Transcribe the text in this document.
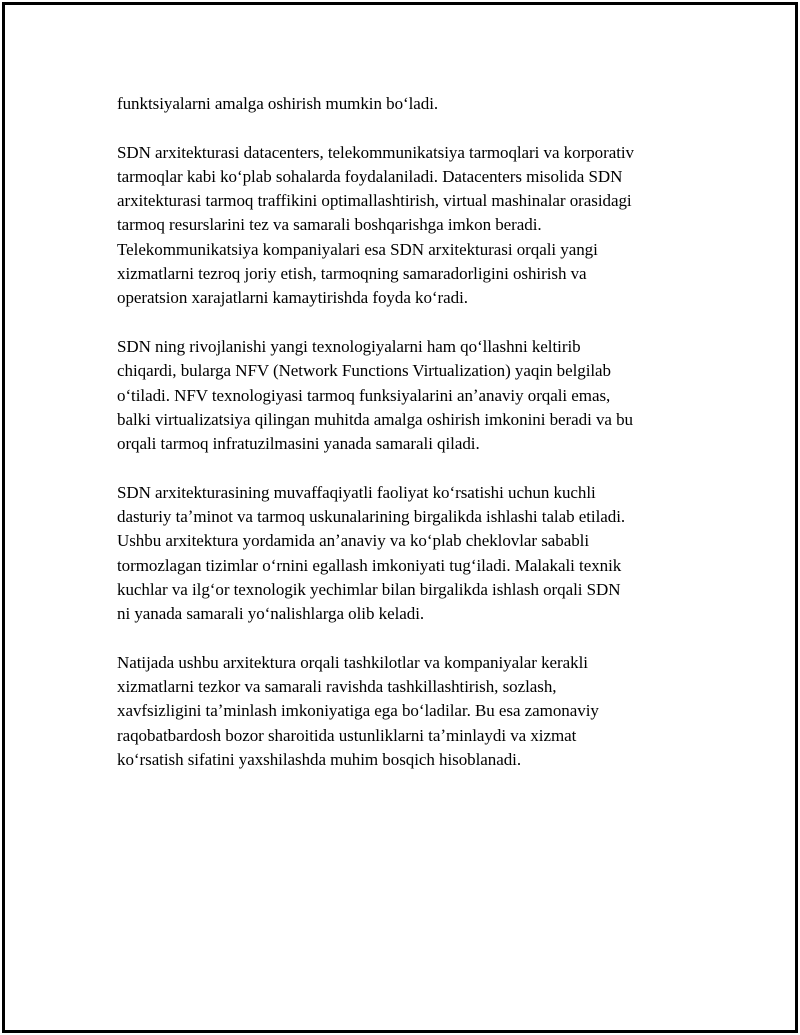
funktsiyalarni amalga oshirish mumkin boʻladi.

SDN arxitekturasi datacenters, telekommunikatsiya tarmoqlari va korporativ
tarmoqlar kabi koʻplab sohalarda foydalaniladi. Datacenters misolida SDN
arxitekturasi tarmoq traffikini optimallashtirish, virtual mashinalar orasidagi
tarmoq resurslarini tez va samarali boshqarishga imkon beradi.
Telekommunikatsiya kompaniyalari esa SDN arxitekturasi orqali yangi
xizmatlarni tezroq joriy etish, tarmoqning samaradorligini oshirish va
operatsion xarajatlarni kamaytirishda foyda koʻradi.

SDN ning rivojlanishi yangi texnologiyalarni ham qoʻllashni keltirib
chiqardi, bularga NFV (Network Functions Virtualization) yaqin belgilab
oʻtiladi. NFV texnologiyasi tarmoq funksiyalarini anʼanaviy orqali emas,
balki virtualizatsiya qilingan muhitda amalga oshirish imkonini beradi va bu
orqali tarmoq infratuzilmasini yanada samarali qiladi.

SDN arxitekturasining muvaffaqiyatli faoliyat koʻrsatishi uchun kuchli
dasturiy taʼminot va tarmoq uskunalarining birgalikda ishlashi talab etiladi.
Ushbu arxitektura yordamida anʼanaviy va koʻplab cheklovlar sababli
tormozlagan tizimlar oʻrnini egallash imkoniyati tugʻiladi. Malakali texnik
kuchlar va ilgʻor texnologik yechimlar bilan birgalikda ishlash orqali SDN
ni yanada samarali yoʻnalishlarga olib keladi.

Natijada ushbu arxitektura orqali tashkilotlar va kompaniyalar kerakli
xizmatlarni tezkor va samarali ravishda tashkillashtirish, sozlash,
xavfsizligini taʼminlash imkoniyatiga ega boʻladilar. Bu esa zamonaviy
raqobatbardosh bozor sharoitida ustunliklarni taʼminlaydi va xizmat
koʻrsatish sifatini yaxshilashda muhim bosqich hisoblanadi.
